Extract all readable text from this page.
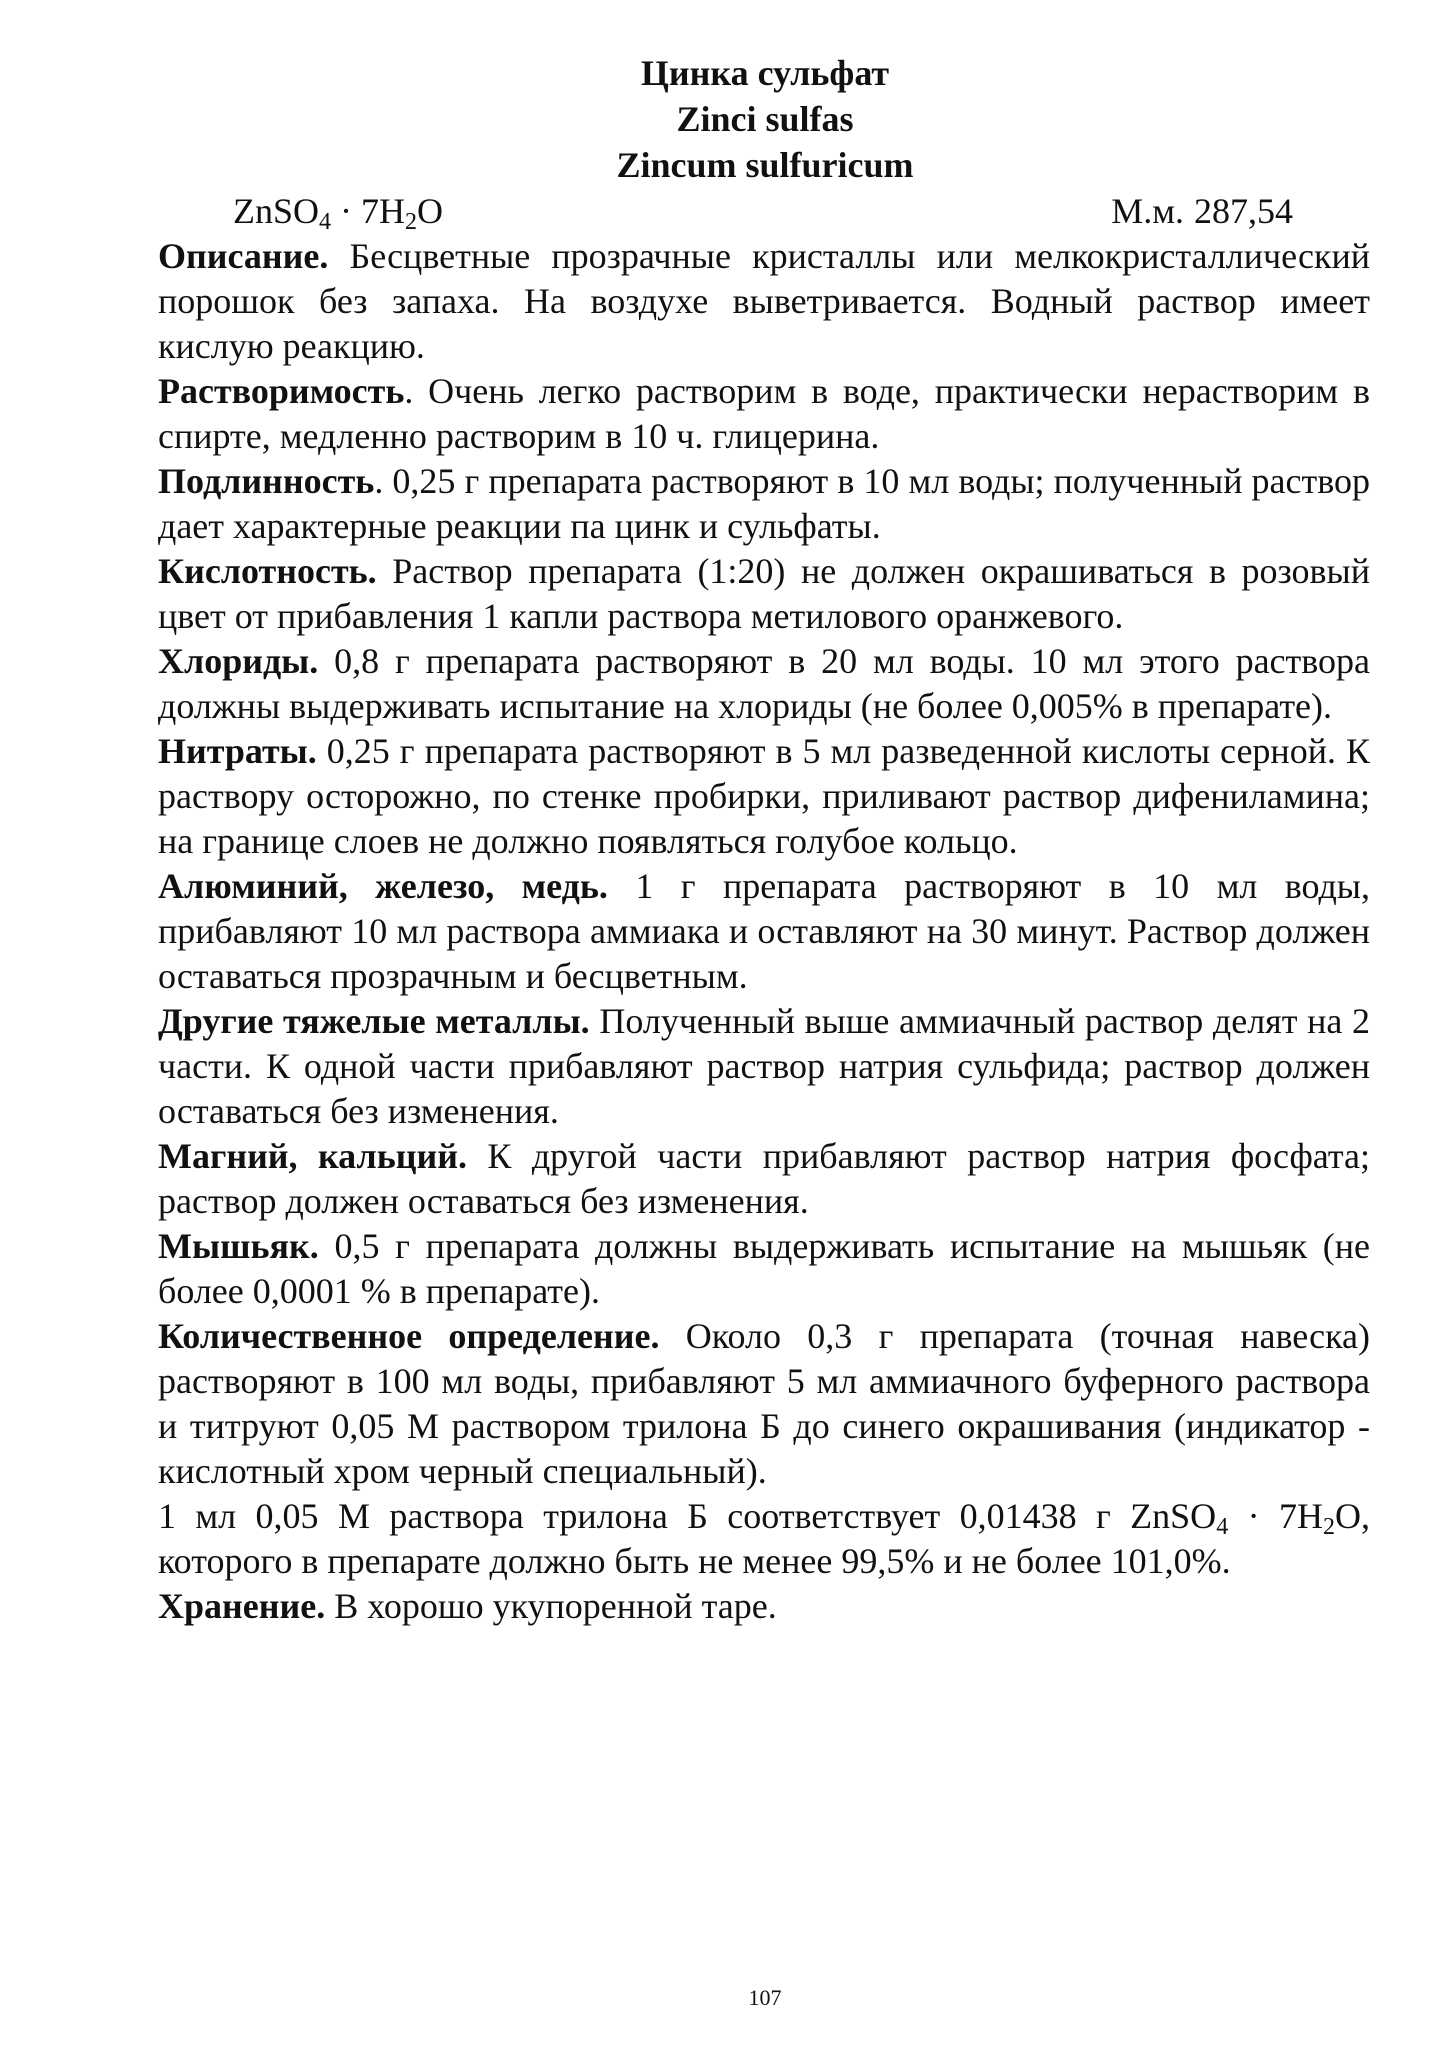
Цинка сульфат

Zinci sulfas

Zincum sulfuricum

ZnSO$_4$ · $7H_2O$	М.м. 287,54

Описание. Бесцветные прозрачные кристаллы или мелкокристаллический порошок без запаха. На воздухе выветривается. Водный раствор имеет кислую реакцию.

Растворимость. Очень легко растворим в воде, практически нерастворим в спирте, медленно растворим в 10 ч. глицерина.

Подлинность. 0,25 г препарата растворяют в 10 мл воды; полученный раствор дает характерные реакции па цинк и сульфаты.

Кислотность. Раствор препарата (1:20) не должен окрашиваться в розовый цвет от прибавления 1 капли раствора метилового оранжевого.

Хлориды. 0,8 г препарата растворяют в 20 мл воды. 10 мл этого раствора должны выдерживать испытание на хлориды (не более 0,005% в препарате).

Нитраты. 0,25 г препарата растворяют в 5 мл разведенной кислоты серной. К раствору осторожно, по стенке пробирки, приливают раствор дифениламина; на границе слоев не должно появляться голубое кольцо.

Алюминий, железо, медь. 1 г препарата растворяют в 10 мл воды, прибавляют 10 мл раствора аммиака и оставляют на 30 минут. Раствор должен оставаться прозрачным и бесцветным.

Другие тяжелые металлы. Полученный выше аммиачный раствор делят на 2 части. К одной части прибавляют раствор натрия сульфида; раствор должен оставаться без изменения.

Магний, кальций. К другой части прибавляют раствор натрия фосфата; раствор должен оставаться без изменения.

Мышьяк. 0,5 г препарата должны выдерживать испытание на мышьяк (не более 0,0001 % в препарате).

Количественное определение. Около 0,3 г препарата (точная навеска) растворяют в 100 мл воды, прибавляют 5 мл аммиачного буферного раствора и титруют 0,05 М раствором трилона Б до синего окрашивания (индикатор - кислотный хром черный специальный).

1 мл 0,05 М раствора трилона Б соответствует 0,01438 г ZnSO$_4$ · $7H_2O$, которого в препарате должно быть не менее 99,5% и не более 101,0%.

Хранение. В хорошо укупоренной таре.

107
